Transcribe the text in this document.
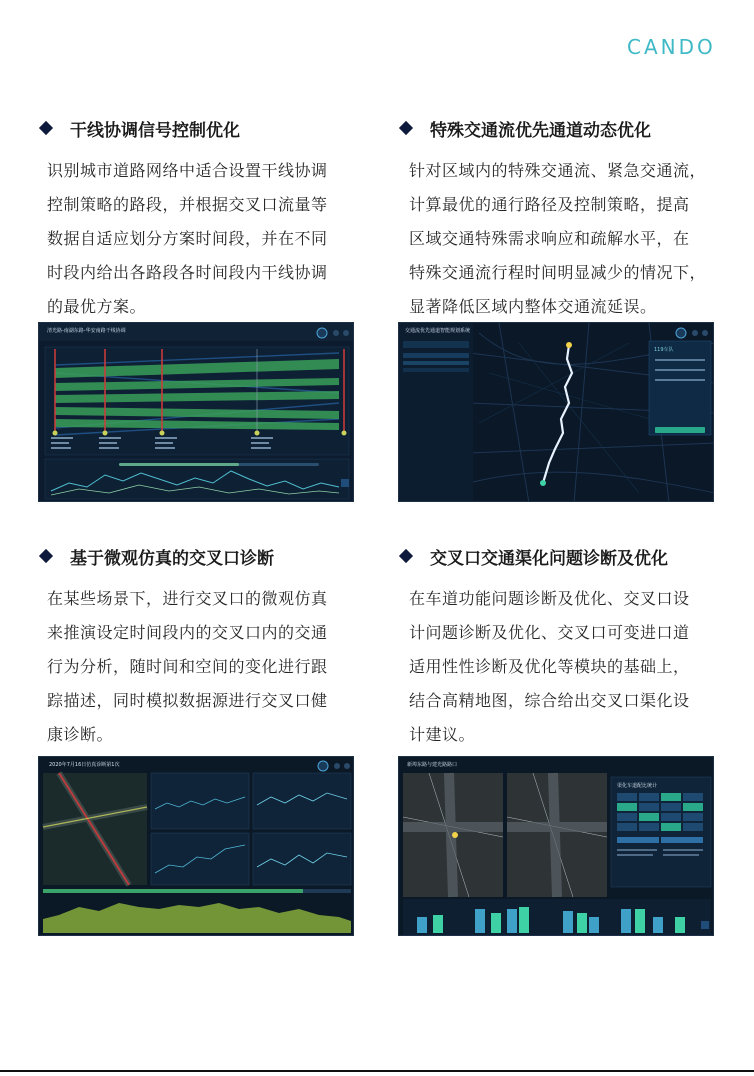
CANDO
干线协调信号控制优化
识别城市道路网络中适合设置干线协调
控制策略的路段，并根据交叉口流量等
数据自适应划分方案时间段，并在不同
时段内给出各路段各时间段内干线协调
的最优方案。
特殊交通流优先通道动态优化
针对区域内的特殊交通流、紧急交通流，
计算最优的通行路径及控制策略，提高
区域交通特殊需求响应和疏解水平，在
特殊交通流行程时间明显减少的情况下，
显著降低区域内整体交通流延误。
基于微观仿真的交叉口诊断
在某些场景下，进行交叉口的微观仿真
来推演设定时间段内的交叉口内的交通
行为分析，随时间和空间的变化进行跟
踪描述，同时模拟数据源进行交叉口健
康诊断。
交叉口交通渠化问题诊断及优化
在车道功能问题诊断及优化、交叉口设
计问题诊断及优化、交叉口可变进口道
适用性性诊断及优化等模块的基础上，
结合高精地图，综合给出交叉口渠化设
计建议。
清光路-南湖东路-华安南路干线协调	交通流优先通道智能规划系统
119车队
2020年7月16日仿真诊断第1次	新埠东路与建光路路口
渠化车道配比统计
